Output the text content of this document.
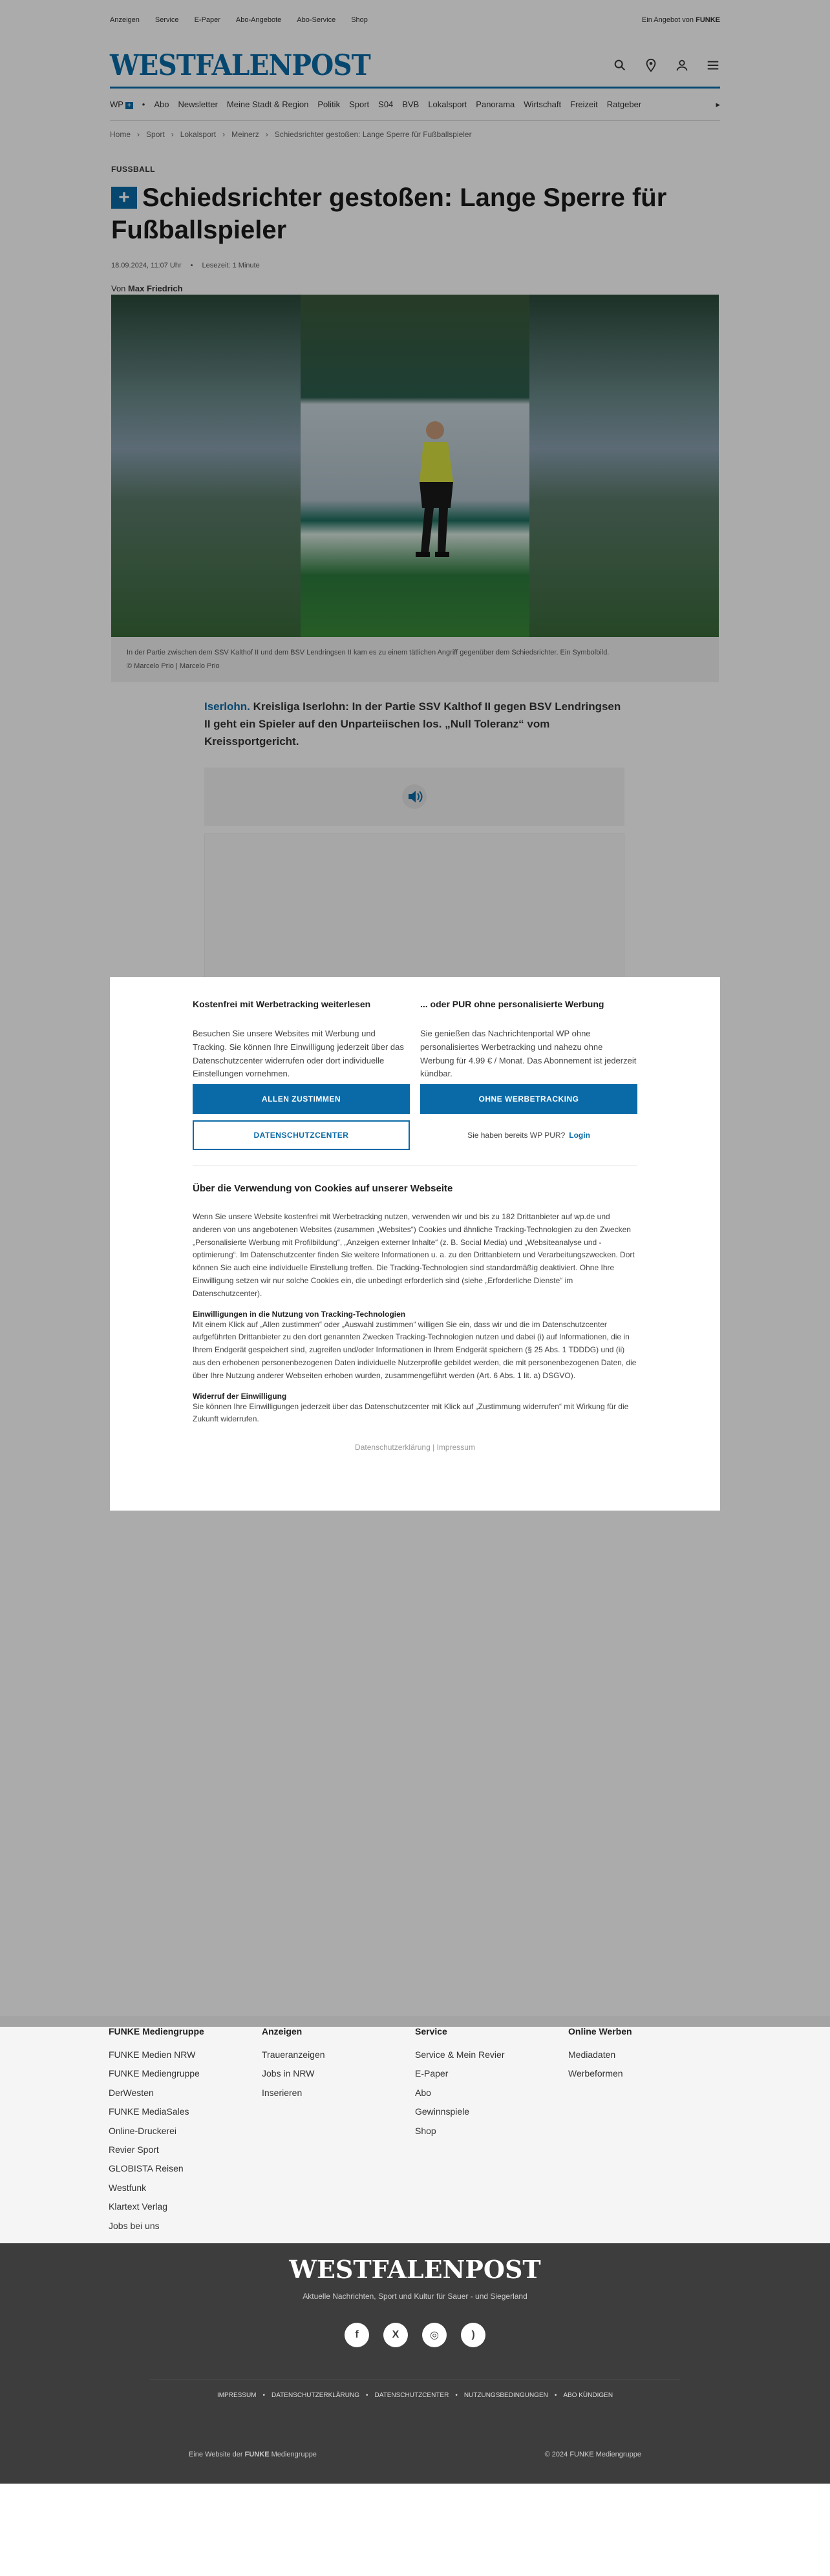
Anzeigen Service E-Paper Abo-Angebote Abo-Service Shop	Ein Angebot von FUNKE
WESTFALENPOST
WP + • Abo Newsletter Meine Stadt & Region Politik Sport S04 BVB Lokalsport Panorama Wirtschaft Freizeit Ratgeber	▸
Home › Sport › Lokalsport › Meinerz › Schiedsrichter gestoßen: Lange Sperre für Fußballspieler
FUSSBALL
+ Schiedsrichter gestoßen: Lange Sperre für Fußballspieler
18.09.2024, 11:07 Uhr • Lesezeit: 1 Minute
Von Max Friedrich
In der Partie zwischen dem SSV Kalthof II und dem BSV Lendringsen II kam es zu einem tätlichen Angriff gegenüber dem Schiedsrichter. Ein Symbolbild.
© Marcelo Prio | Marcelo Prio

Iserlohn. Kreisliga Iserlohn: In der Partie SSV Kalthof II gegen BSV Lendringsen II geht ein Spieler auf den Unparteiischen los. „Null Toleranz“ vom Kreissportgericht.

Kostenfrei mit Werbetracking weiterlesen

Besuchen Sie unsere Websites mit Werbung und Tracking. Sie können Ihre Einwilligung jederzeit über das Datenschutzcenter widerrufen oder dort individuelle Einstellungen vornehmen.

ALLEN ZUSTIMMEN
DATENSCHUTZCENTER
... oder PUR ohne personalisierte Werbung

Sie genießen das Nachrichtenportal WP ohne personalisiertes Werbetracking und nahezu ohne Werbung für 4.99 € / Monat. Das Abonnement ist jederzeit kündbar.

OHNE WERBETRACKING
Sie haben bereits WP PUR? Login
Über die Verwendung von Cookies auf unserer Webseite
Wenn Sie unsere Website kostenfrei mit Werbetracking nutzen, verwenden wir und bis zu 182 Drittanbieter auf wp.de und anderen von uns angebotenen Websites (zusammen „Websites“) Cookies und ähnliche Tracking-Technologien zu den Zwecken „Personalisierte Werbung mit Profilbildung“, „Anzeigen externer Inhalte“ (z. B. Social Media) und „Websiteanalyse und -optimierung“. Im Datenschutzcenter finden Sie weitere Informationen u. a. zu den Drittanbietern und Verarbeitungszwecken. Dort können Sie auch eine individuelle Einstellung treffen. Die Tracking-Technologien sind standardmäßig deaktiviert. Ohne Ihre Einwilligung setzen wir nur solche Cookies ein, die unbedingt erforderlich sind (siehe „Erforderliche Dienste“ im Datenschutzcenter).
Einwilligungen in die Nutzung von Tracking-Technologien
Mit einem Klick auf „Allen zustimmen“ oder „Auswahl zustimmen“ willigen Sie ein, dass wir und die im Datenschutzcenter aufgeführten Drittanbieter zu den dort genannten Zwecken Tracking-Technologien nutzen und dabei (i) auf Informationen, die in Ihrem Endgerät gespeichert sind, zugreifen und/oder Informationen in Ihrem Endgerät speichern (§ 25 Abs. 1 TDDDG) und (ii) aus den erhobenen personenbezogenen Daten individuelle Nutzerprofile gebildet werden, die mit personenbezogenen Daten, die über Ihre Nutzung anderer Webseiten erhoben wurden, zusammengeführt werden (Art. 6 Abs. 1 lit. a) DSGVO).
Widerruf der Einwilligung
Sie können Ihre Einwilligungen jederzeit über das Datenschutzcenter mit Klick auf „Zustimmung widerrufen“ mit Wirkung für die Zukunft widerrufen.
Datenschutzerklärung | Impressum
FUNKE Mediengruppe
FUNKE Medien NRW
FUNKE Mediengruppe
DerWesten
FUNKE MediaSales
Online-Druckerei
Revier Sport
GLOBISTA Reisen
Westfunk
Klartext Verlag
Jobs bei uns
Anzeigen
Traueranzeigen
Jobs in NRW
Inserieren
Service
Service & Mein Revier
E-Paper
Abo
Gewinnspiele
Shop
Online Werben
Mediadaten
Werbeformen
WESTFALENPOST
Aktuelle Nachrichten, Sport und Kultur für Sauer - und Siegerland
f	X	◎	)
IMPRESSUM • DATENSCHUTZERKLÄRUNG • DATENSCHUTZCENTER • NUTZUNGSBEDINGUNGEN • ABO KÜNDIGEN
Eine Website der FUNKE Mediengruppe	© 2024 FUNKE Mediengruppe
